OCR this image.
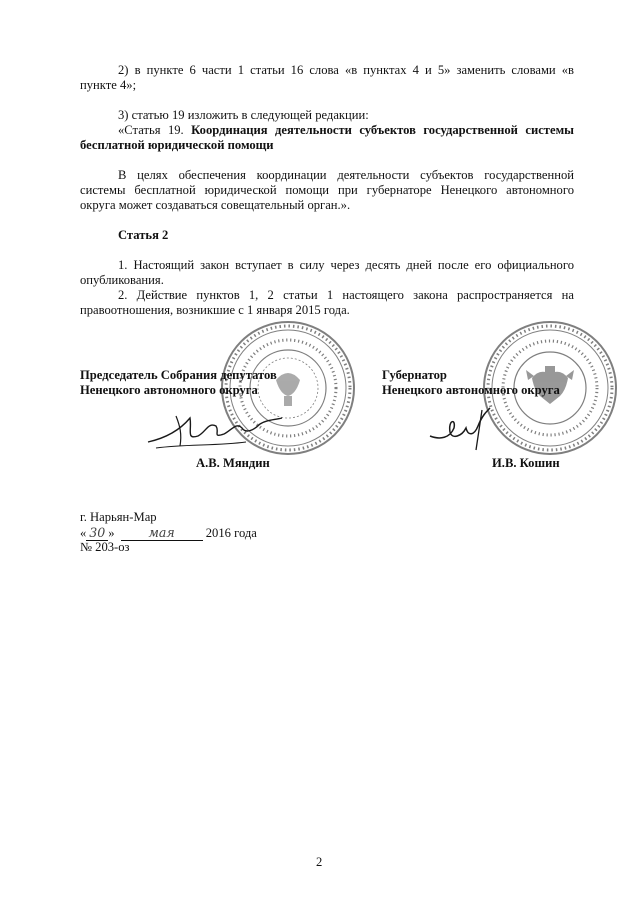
2) в пункте 6 части 1 статьи 16 слова «в пунктах 4 и 5» заменить словами «в
пункте 4»;
3) статью 19 изложить в следующей редакции:
«Статья 19. Координация деятельности субъектов государственной системы
бесплатной юридической помощи
В целях обеспечения координации деятельности субъектов государственной
системы бесплатной юридической помощи при губернаторе Ненецкого автономного
округа может создаваться совещательный орган.».
Статья 2
1. Настоящий закон вступает в силу через десять дней после его официального
опубликования.
2. Действие пунктов 1, 2 статьи 1 настоящего закона распространяется на
правоотношения, возникшие с 1 января 2015 года.
Председатель Собрания депутатов
Ненецкого автономного округа
Губернатор
Ненецкого автономного округа
А.В. Мяндин	И.В. Кошин
г. Нарьян-Мар
« 30 »	мая 2016 года
№ 203-оз
2
